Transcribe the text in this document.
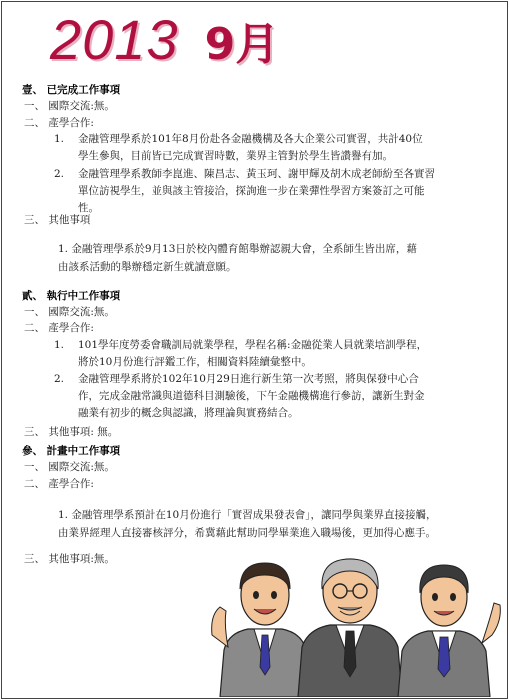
2013 9月
壹、 已完成工作事項
一、 國際交流:無。
二、 產學合作:
1. 金融管理學系於101年8月份赴各金融機構及各大企業公司實習，共計40位
學生參與，目前皆已完成實習時數，業界主管對於學生皆讚譽有加。
2. 金融管理學系教師李崑進、陳昌志、黃玉珂、謝甲輝及胡木成老師紛至各實習
單位訪視學生，並與該主管接洽，探詢進一步在業彈性學習方案簽訂之可能
性。
三、 其他事項
1. 金融管理學系於9月13日於校內體育館舉辦認親大會，全系師生皆出席，藉
由該系活動的舉辦穩定新生就讀意願。
貳、 執行中工作事項
一、 國際交流:無。
二、 產學合作:
1. 101學年度勞委會職訓局就業學程，學程名稱:金融從業人員就業培訓學程，
將於10月份進行評鑑工作，相關資料陸續彙整中。
2. 金融管理學系將於102年10月29日進行新生第一次考照，將與保發中心合
作，完成金融常識與道德科目測驗後，下午金融機構進行參訪，讓新生對金
融業有初步的概念與認識，將理論與實務結合。
三、 其他事項: 無。
參、 計畫中工作事項
一、 國際交流:無。
二、 產學合作:
1. 金融管理學系預計在10月份進行「實習成果發表會」，讓同學與業界直接接觸，
由業界經理人直接審核評分，希冀藉此幫助同學畢業進入職場後，更加得心應手。
三、 其他事項:無。
